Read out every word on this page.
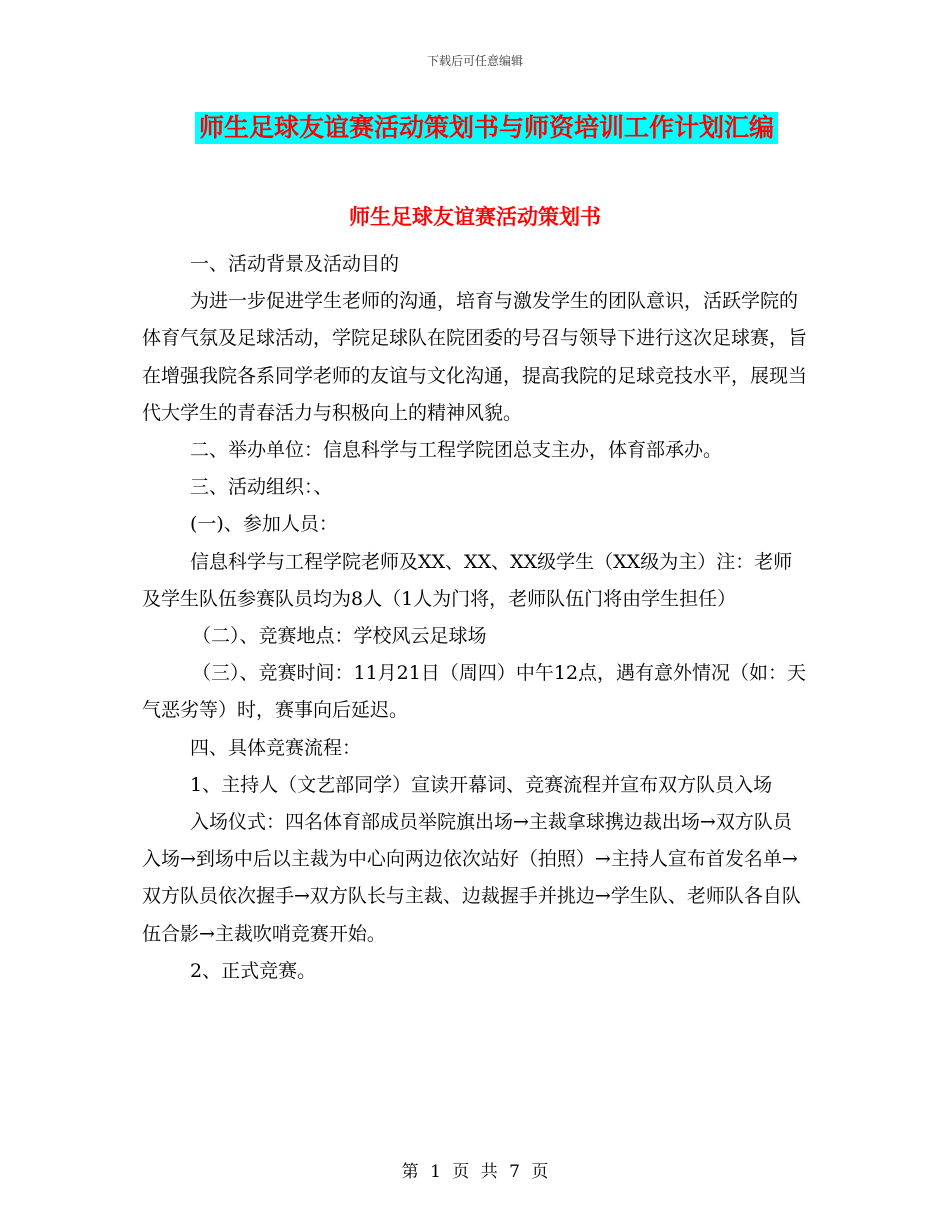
下载后可任意编辑
师生足球友谊赛活动策划书与师资培训工作计划汇编
师生足球友谊赛活动策划书

一、活动背景及活动目的

为进一步促进学生老师的沟通，培育与激发学生的团队意识，活跃学院的体育气氛及足球活动，学院足球队在院团委的号召与领导下进行这次足球赛，旨在增强我院各系同学老师的友谊与文化沟通，提高我院的足球竞技水平，展现当代大学生的青春活力与积极向上的精神风貌。

二、举办单位：信息科学与工程学院团总支主办，体育部承办。

三、活动组织：、

(一)、参加人员：

信息科学与工程学院老师及XX、XX、XX级学生（XX级为主）注：老师及学生队伍参赛队员均为8人（1人为门将，老师队伍门将由学生担任）

（二）、竞赛地点：学校风云足球场

（三）、竞赛时间：11月21日（周四）中午12点，遇有意外情况（如：天气恶劣等）时，赛事向后延迟。

四、具体竞赛流程：

1、主持人（文艺部同学）宣读开幕词、竞赛流程并宣布双方队员入场

入场仪式：四名体育部成员举院旗出场→主裁拿球携边裁出场→双方队员入场→到场中后以主裁为中心向两边依次站好（拍照）→主持人宣布首发名单→双方队员依次握手→双方队长与主裁、边裁握手并挑边→学生队、老师队各自队伍合影→主裁吹哨竞赛开始。

2、正式竞赛。

第 1 页 共 7 页
